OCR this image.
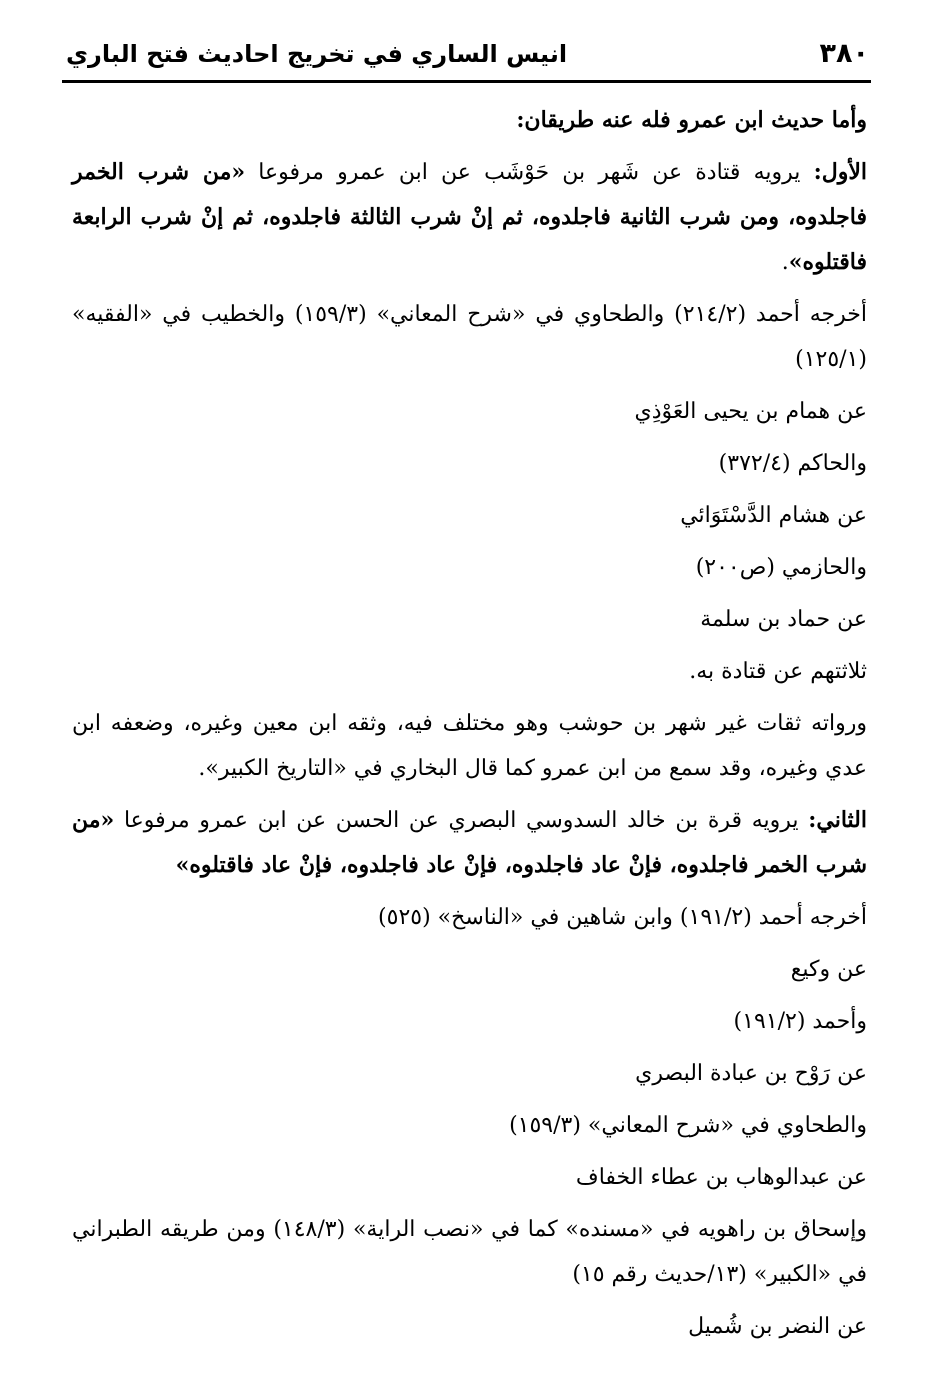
٣٨٠
انيس الساري في تخريج احاديث فتح الباري

وأما حديث ابن عمرو فله عنه طريقان:

الأول: يرويه قتادة عن شَهر بن حَوْشَب عن ابن عمرو مرفوعا «من شرب الخمر فاجلدوه، ومن شرب الثانية فاجلدوه، ثم إنْ شرب الثالثة فاجلدوه، ثم إنْ شرب الرابعة فاقتلوه».

أخرجه أحمد (٢١٤/٢) والطحاوي في «شرح المعاني» (١٥٩/٣) والخطيب في «الفقيه» (١٢٥/١)

عن همام بن يحيى العَوْذِي

والحاكم (٣٧٢/٤)

عن هشام الدَّسْتَوَائي

والحازمي (ص٢٠٠)

عن حماد بن سلمة

ثلاثتهم عن قتادة به.

ورواته ثقات غير شهر بن حوشب وهو مختلف فيه، وثقه ابن معين وغيره، وضعفه ابن عدي وغيره، وقد سمع من ابن عمرو كما قال البخاري في «التاريخ الكبير».

الثاني: يرويه قرة بن خالد السدوسي البصري عن الحسن عن ابن عمرو مرفوعا «من شرب الخمر فاجلدوه، فإنْ عاد فاجلدوه، فإنْ عاد فاجلدوه، فإنْ عاد فاقتلوه»

أخرجه أحمد (١٩١/٢) وابن شاهين في «الناسخ» (٥٢٥)

عن وكيع

وأحمد (١٩١/٢)

عن رَوْح بن عبادة البصري

والطحاوي في «شرح المعاني» (١٥٩/٣)

عن عبدالوهاب بن عطاء الخفاف

وإسحاق بن راهويه في «مسنده» كما في «نصب الراية» (١٤٨/٣) ومن طريقه الطبراني في «الكبير» (١٣/حديث رقم ١٥)

عن النضر بن شُميل
